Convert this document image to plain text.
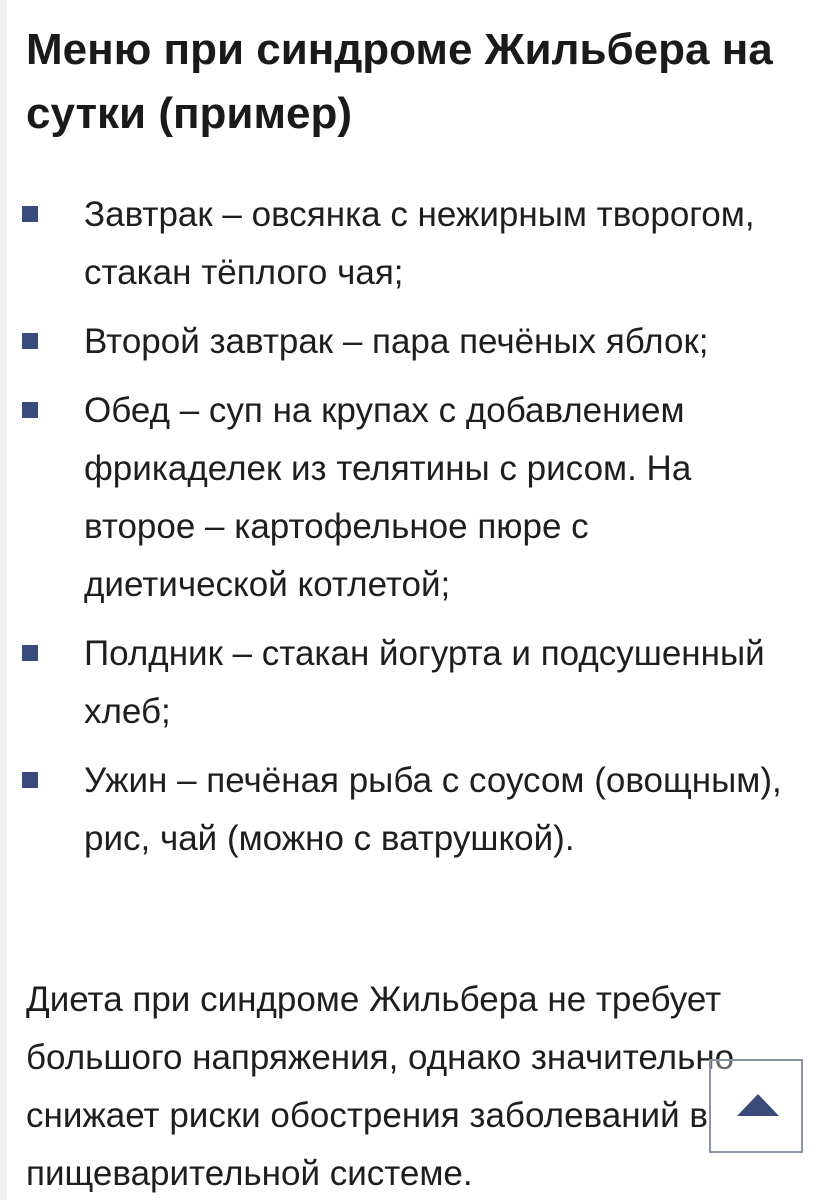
Меню при синдроме Жильбера на сутки (пример)
Завтрак – овсянка с нежирным творогом, стакан тёплого чая;
Второй завтрак – пара печёных яблок;
Обед – суп на крупах с добавлением фрикаделек из телятины с рисом. На второе – картофельное пюре с диетической котлетой;
Полдник – стакан йогурта и подсушенный хлеб;
Ужин – печёная рыба с соусом (овощным), рис, чай (можно с ватрушкой).

Диета при синдроме Жильбера не требует большого напряжения, однако значительно снижает риски обострения заболеваний в пищеварительной системе.
